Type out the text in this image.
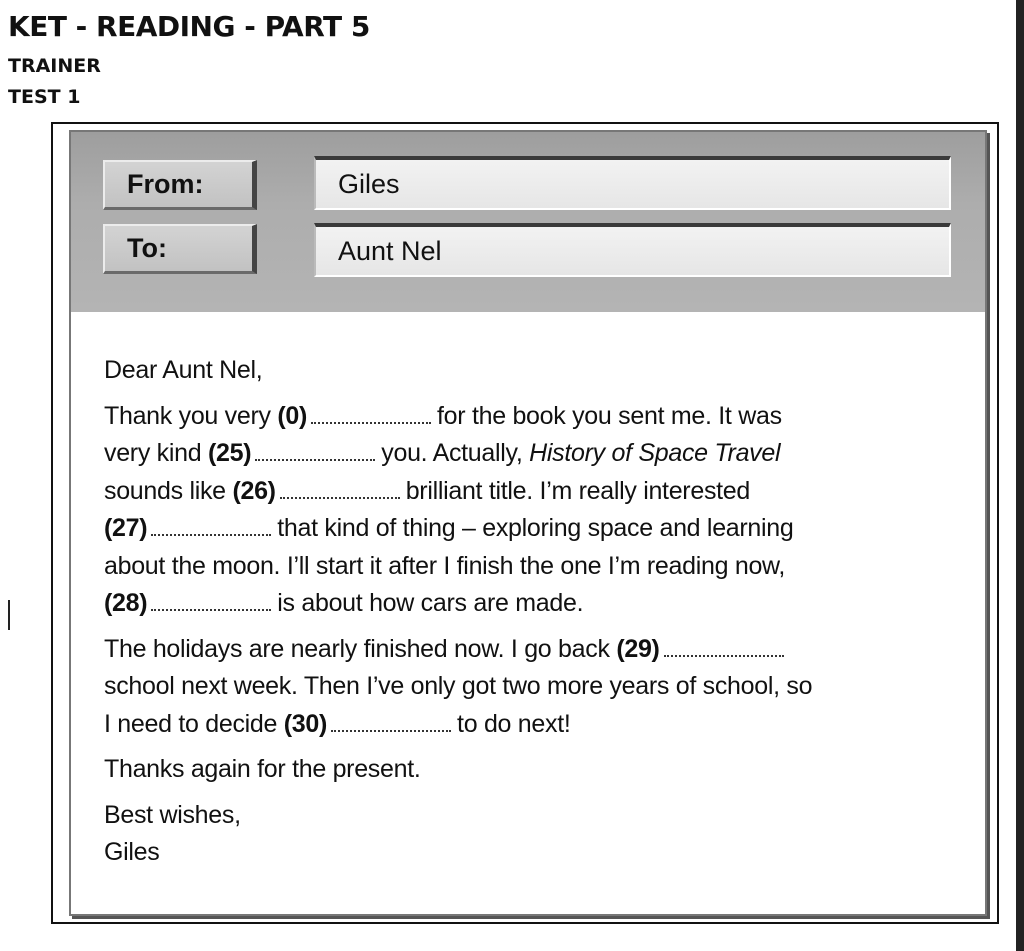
KET - READING - PART 5
TRAINER
TEST 1
From:	Giles
To:	Aunt Nel

Dear Aunt Nel,

Thank you very (0)	for the book you sent me. It was

very kind (25)	you. Actually, History of Space Travel

sounds like (26)	brilliant title. I’m really interested

(27)	that kind of thing – exploring space and learning

about the moon. I’ll start it after I finish the one I’m reading now,

(28)	is about how cars are made.

The holidays are nearly finished now. I go back (29)

school next week. Then I’ve only got two more years of school, so

I need to decide (30)	to do next!

Thanks again for the present.

Best wishes,

Giles
